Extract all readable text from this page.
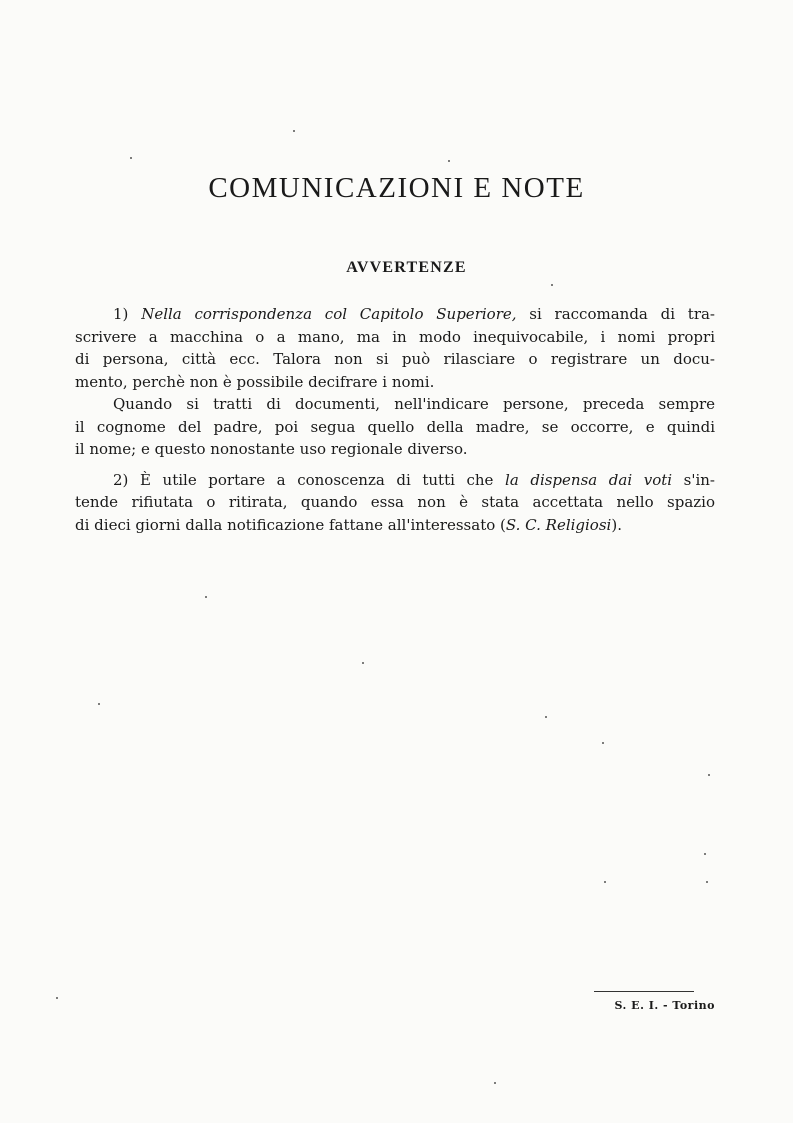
COMUNICAZIONI E NOTE
AVVERTENZE
1) Nella corrispondenza col Capitolo Superiore, si raccomanda di tra-
scrivere a macchina o a mano, ma in modo inequivocabile, i nomi propri
di persona, città ecc. Talora non si può rilasciare o registrare un docu-
mento, perchè non è possibile decifrare i nomi.
Quando si tratti di documenti, nell'indicare persone, preceda sempre
il cognome del padre, poi segua quello della madre, se occorre, e quindi
il nome; e questo nonostante uso regionale diverso.
2) È utile portare a conoscenza di tutti che la dispensa dai voti s'in-
tende rifiutata o ritirata, quando essa non è stata accettata nello spazio
di dieci giorni dalla notificazione fattane all'interessato (S. C. Religiosi).
S. E. I. - Torino
